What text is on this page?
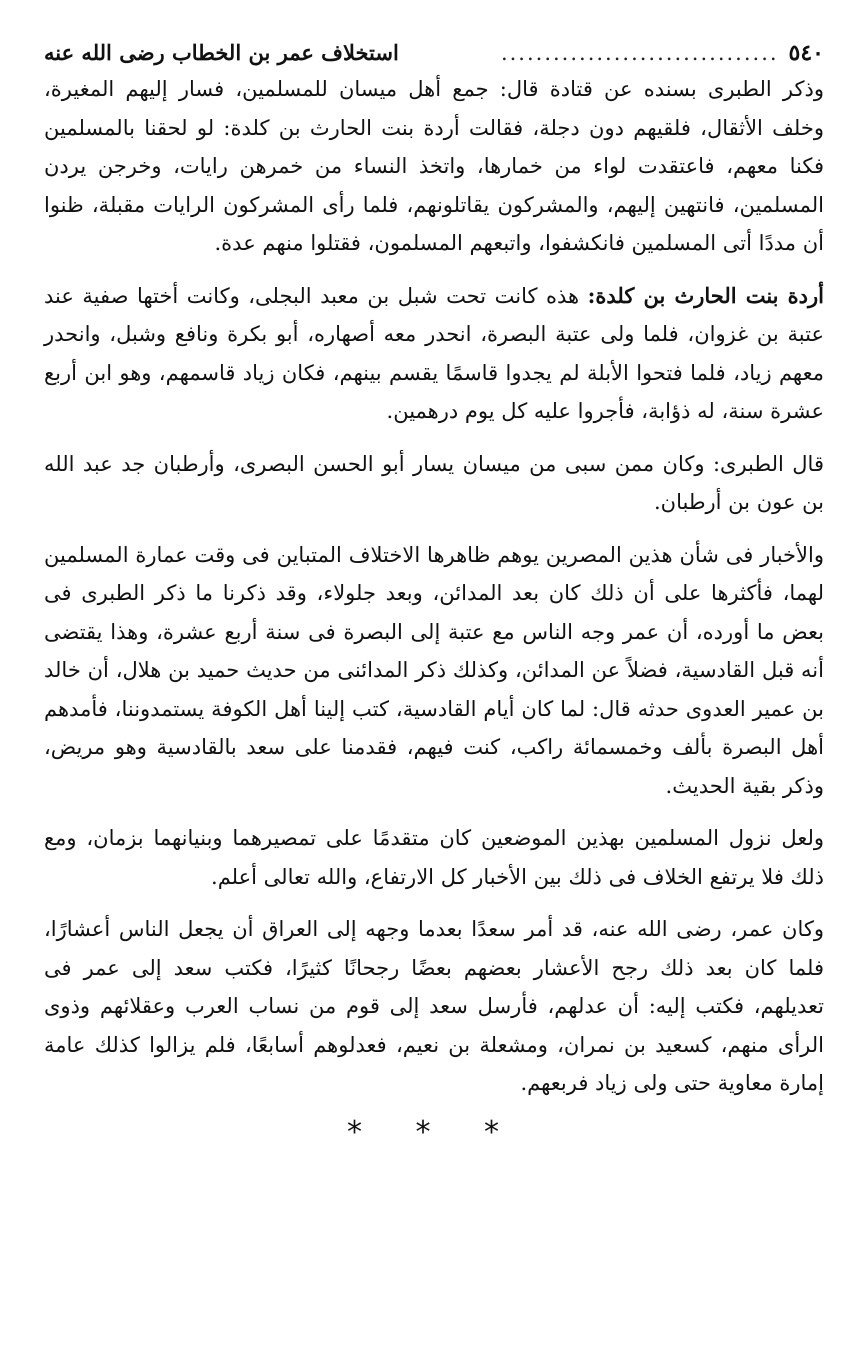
٥٤٠
................................
استخلاف عمر بن الخطاب رضى الله عنه

وذكر الطبرى بسنده عن قتادة قال: جمع أهل ميسان للمسلمين، فسار إليهم المغيرة، وخلف الأثقال، فلقيهم دون دجلة، فقالت أردة بنت الحارث بن كلدة: لو لحقنا بالمسلمين فكنا معهم، فاعتقدت لواء من خمارها، واتخذ النساء من خمرهن رايات، وخرجن يردن المسلمين، فانتهين إليهم، والمشركون يقاتلونهم، فلما رأى المشركون الرايات مقبلة، ظنوا أن مددًا أتى المسلمين فانكشفوا، واتبعهم المسلمون، فقتلوا منهم عدة.

أردة بنت الحارث بن كلدة: هذه كانت تحت شبل بن معبد البجلى، وكانت أختها صفية عند عتبة بن غزوان، فلما ولى عتبة البصرة، انحدر معه أصهاره، أبو بكرة ونافع وشبل، وانحدر معهم زياد، فلما فتحوا الأبلة لم يجدوا قاسمًا يقسم بينهم، فكان زياد قاسمهم، وهو ابن أربع عشرة سنة، له ذؤابة، فأجروا عليه كل يوم درهمين.

قال الطبرى: وكان ممن سبى من ميسان يسار أبو الحسن البصرى، وأرطبان جد عبد الله بن عون بن أرطبان.

والأخبار فى شأن هذين المصرين يوهم ظاهرها الاختلاف المتباين فى وقت عمارة المسلمين لهما، فأكثرها على أن ذلك كان بعد المدائن، وبعد جلولاء، وقد ذكرنا ما ذكر الطبرى فى بعض ما أورده، أن عمر وجه الناس مع عتبة إلى البصرة فى سنة أربع عشرة، وهذا يقتضى أنه قبل القادسية، فضلاً عن المدائن، وكذلك ذكر المدائنى من حديث حميد بن هلال، أن خالد بن عمير العدوى حدثه قال: لما كان أيام القادسية، كتب إلينا أهل الكوفة يستمدوننا، فأمدهم أهل البصرة بألف وخمسمائة راكب، كنت فيهم، فقدمنا على سعد بالقادسية وهو مريض، وذكر بقية الحديث.

ولعل نزول المسلمين بهذين الموضعين كان متقدمًا على تمصيرهما وبنيانهما بزمان، ومع ذلك فلا يرتفع الخلاف فى ذلك بين الأخبار كل الارتفاع، والله تعالى أعلم.

وكان عمر، رضى الله عنه، قد أمر سعدًا بعدما وجهه إلى العراق أن يجعل الناس أعشارًا، فلما كان بعد ذلك رجح الأعشار بعضهم بعضًا رجحانًا كثيرًا، فكتب سعد إلى عمر فى تعديلهم، فكتب إليه: أن عدلهم، فأرسل سعد إلى قوم من نساب العرب وعقلائهم وذوى الرأى منهم، كسعيد بن نمران، ومشعلة بن نعيم، فعدلوهم أسابعًا، فلم يزالوا كذلك عامة إمارة معاوية حتى ولى زياد فربعهم.

* * *
